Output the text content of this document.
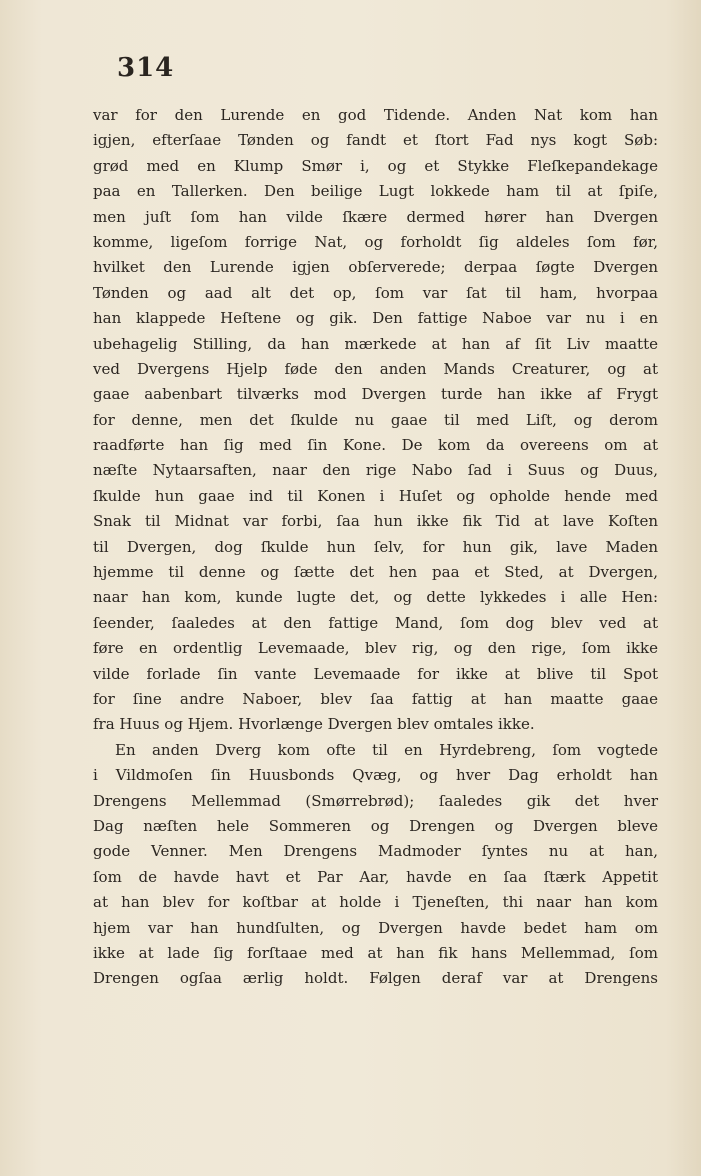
314
var for den Lurende en god Tidende. Anden Nat kom han
igjen, efterſaae Tønden og fandt et ſtort Fad nys kogt Søb:
grød med en Klump Smør i, og et Stykke Fleſkepandekage
paa en Tallerken. Den beilige Lugt lokkede ham til at ſpiſe,
men juſt ſom han vilde ſkære dermed hører han Dvergen
komme, ligeſom forrige Nat, og forholdt ſig aldeles ſom før,
hvilket den Lurende igjen obſerverede; derpaa ſøgte Dvergen
Tønden og aad alt det op, ſom var ſat til ham, hvorpaa
han klappede Heſtene og gik. Den fattige Naboe var nu i en
ubehagelig Stilling, da han mærkede at han af ſit Liv maatte
ved Dvergens Hjelp føde den anden Mands Creaturer, og at
gaae aabenbart tilværks mod Dvergen turde han ikke af Frygt
for denne, men det ſkulde nu gaae til med Liſt, og derom
raadførte han ſig med ſin Kone. De kom da overeens om at
næſte Nytaarsaften, naar den rige Nabo ſad i Suus og Duus,
ſkulde hun gaae ind til Konen i Huſet og opholde hende med
Snak til Midnat var forbi, ſaa hun ikke fik Tid at lave Koſten
til Dvergen, dog ſkulde hun ſelv, for hun gik, lave Maden
hjemme til denne og ſætte det hen paa et Sted, at Dvergen,
naar han kom, kunde lugte det, og dette lykkedes i alle Hen:
ſeender, ſaaledes at den fattige Mand, ſom dog blev ved at
føre en ordentlig Levemaade, blev rig, og den rige, ſom ikke
vilde forlade ſin vante Levemaade for ikke at blive til Spot
for ſine andre Naboer, blev ſaa fattig at han maatte gaae
fra Huus og Hjem. Hvorlænge Dvergen blev omtales ikke.
En anden Dverg kom ofte til en Hyrdebreng, ſom vogtede
i Vildmoſen ſin Huusbonds Qvæg, og hver Dag erholdt han
Drengens Mellemmad (Smørrebrød); ſaaledes gik det hver
Dag næſten hele Sommeren og Drengen og Dvergen bleve
gode Venner. Men Drengens Madmoder ſyntes nu at han,
ſom de havde havt et Par Aar, havde en ſaa ſtærk Appetit
at han blev for koſtbar at holde i Tjeneſten, thi naar han kom
hjem var han hundſulten, og Dvergen havde bedet ham om
ikke at lade ſig forſtaae med at han fik hans Mellemmad, ſom
Drengen ogſaa ærlig holdt. Følgen deraf var at Drengens
